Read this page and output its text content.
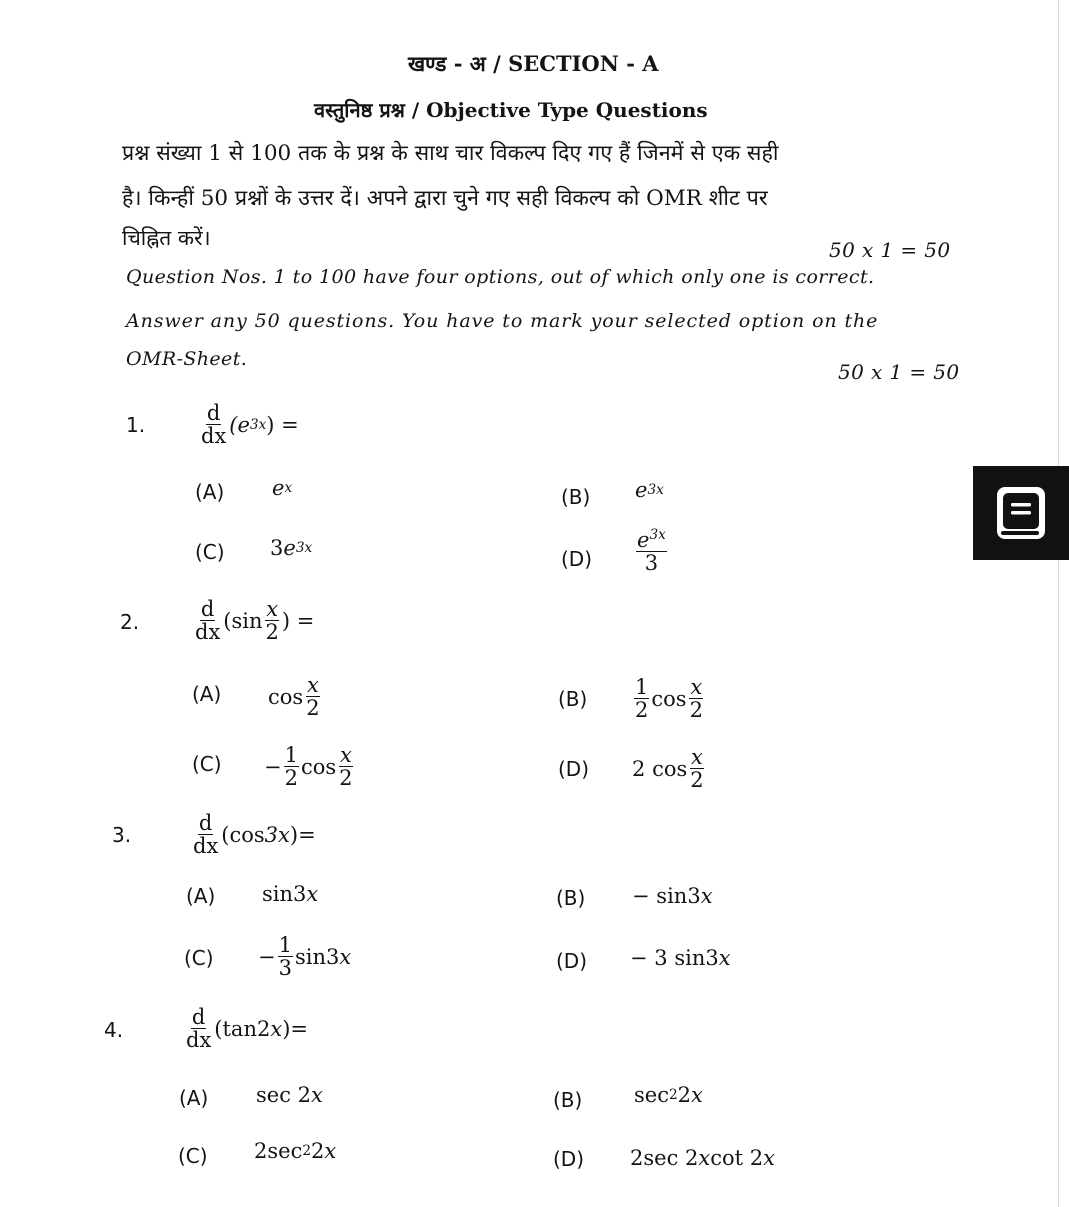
खण्ड - अ / SECTION - A
वस्तुनिष्ठ प्रश्न / Objective Type Questions
प्रश्न संख्या 1 से 100 तक के प्रश्न के साथ चार विकल्प दिए गए हैं जिनमें से एक सही
है। किन्हीं 50 प्रश्नों के उत्तर दें। अपने द्वारा चुने गए सही विकल्प को OMR शीट पर
चिह्नित करें।	50 x 1 = 50
Question Nos. 1 to 100 have four options, out of which only one is correct.
Answer any 50 questions. You have to mark your selected option on the
OMR-Sheet.
50 x 1 = 50
1.	$\frac{d}{dx} (e$ 3x ) =
(A) e x	(B) e 3x
(C) 3 e 3x	$(D) \frac{e^{3x}}{3}$
2.	$\frac{d}{dx} (\sin \frac{x}{2}$ ) =
(A) $\cos \frac{x}{2}$	$(B) \frac{1}{2}$ $\cos \frac{x}{2}$
$(C) - \frac{1}{2}$ $\cos \frac{x}{2}$	(D) 2
$\cos \frac{x}{2}$
3.	$\frac{d}{dx} (\cos$ 3x )=
(A) sin3 x	(B) −
sin3 x
$(C) - \frac{1}{3} \sin 3$ x	(D) − 3
sin3 x
4.	$\frac{d}{dx} (\tan 2$ x )=
(A) sec 2 x	(B) sec 2 2 x
(C) 2sec 2 2 x	(D) 2sec 2 x cot 2 x
